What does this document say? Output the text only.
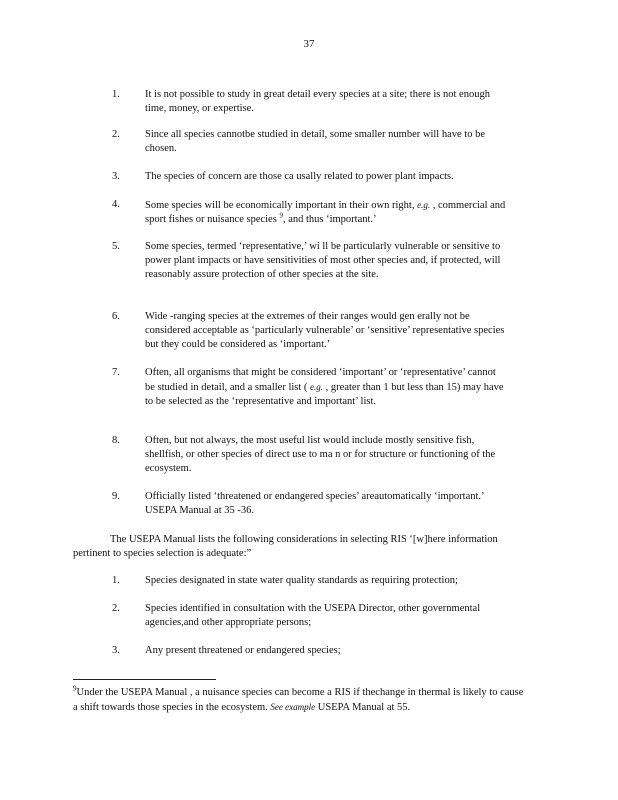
37
1.	It is not possible to study in great detail every species at a site; there is not enough time, money, or expertise.
2.	Since all species cannotbe studied in detail, some smaller number will have to be chosen.
3.	The species of concern are those ca usally related to power plant impacts.
4.	Some species will be economically important in their own right, e.g. , commercial and sport fishes or nuisance species $^9$, and thus ‘important.’
5.	Some species, termed ‘representative,’ wi ll be particularly vulnerable or sensitive to power plant impacts or have sensitivities of most other species and, if protected, will reasonably assure protection of other species at the site.
6.	Wide -ranging species at the extremes of their ranges would gen erally not be considered acceptable as ‘particularly vulnerable’ or ‘sensitive’ representative species but they could be considered as ‘important.’
7.	Often, all organisms that might be considered ‘important’ or ‘representative’ cannot be studied in detail, and a smaller list ( e.g. , greater than 1 but less than 15) may have to be selected as the ‘representative and important’ list.
8.	Often, but not always, the most useful list would include mostly sensitive fish, shellfish, or other species of direct use to ma n or for structure or functioning of the ecosystem.
9.	Officially listed ‘threatened or endangered species’ areautomatically ‘important.’ USEPA Manual at 35 -36.
The USEPA Manual lists the following considerations in selecting RIS ‘[w]here information pertinent to species selection is adequate:”
1.	Species designated in state water quality standards as requiring protection;
2.	Species identified in consultation with the USEPA Director, other governmental agencies,and other appropriate persons;
3.	Any present threatened or endangered species;
$^9$Under the USEPA Manual , a nuisance species can become a RIS if thechange in thermal is likely to cause a shift towards those species in the ecosystem. See example USEPA Manual at 55.
